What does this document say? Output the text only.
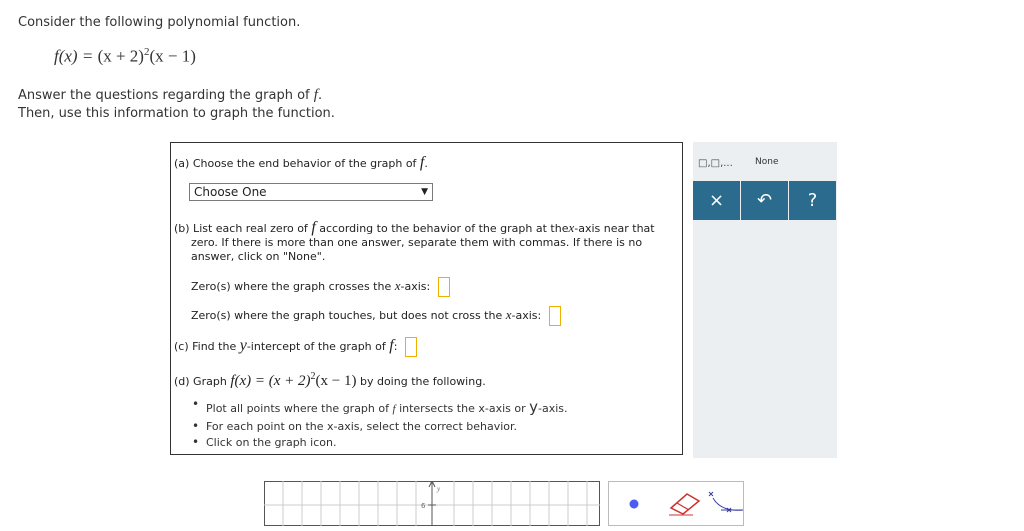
Consider the following polynomial function.
$f(x) = (x + 2)^2(x - 1)$
Answer the questions regarding the graph of f.
Then, use this information to graph the function.
(a) Choose the end behavior of the graph of f.
Choose One	▼
(b) List each real zero of f according to the behavior of the graph at thex-axis near that
zero. If there is more than one answer, separate them with commas. If there is no
answer, click on "None".
Zero(s) where the graph crosses the x-axis:
Zero(s) where the graph touches, but does not cross the x-axis:
(c) Find the y-intercept of the graph of f:
(d) Graph $f(x) = (x + 2)^2(x - 1)$ by doing the following.
• Plot all points where the graph of f intersects the x-axis or y-axis.
• For each point on the x-axis, select the correct behavior.
• Click on the graph icon.
□,□,... None
×	↶	?
y
6
